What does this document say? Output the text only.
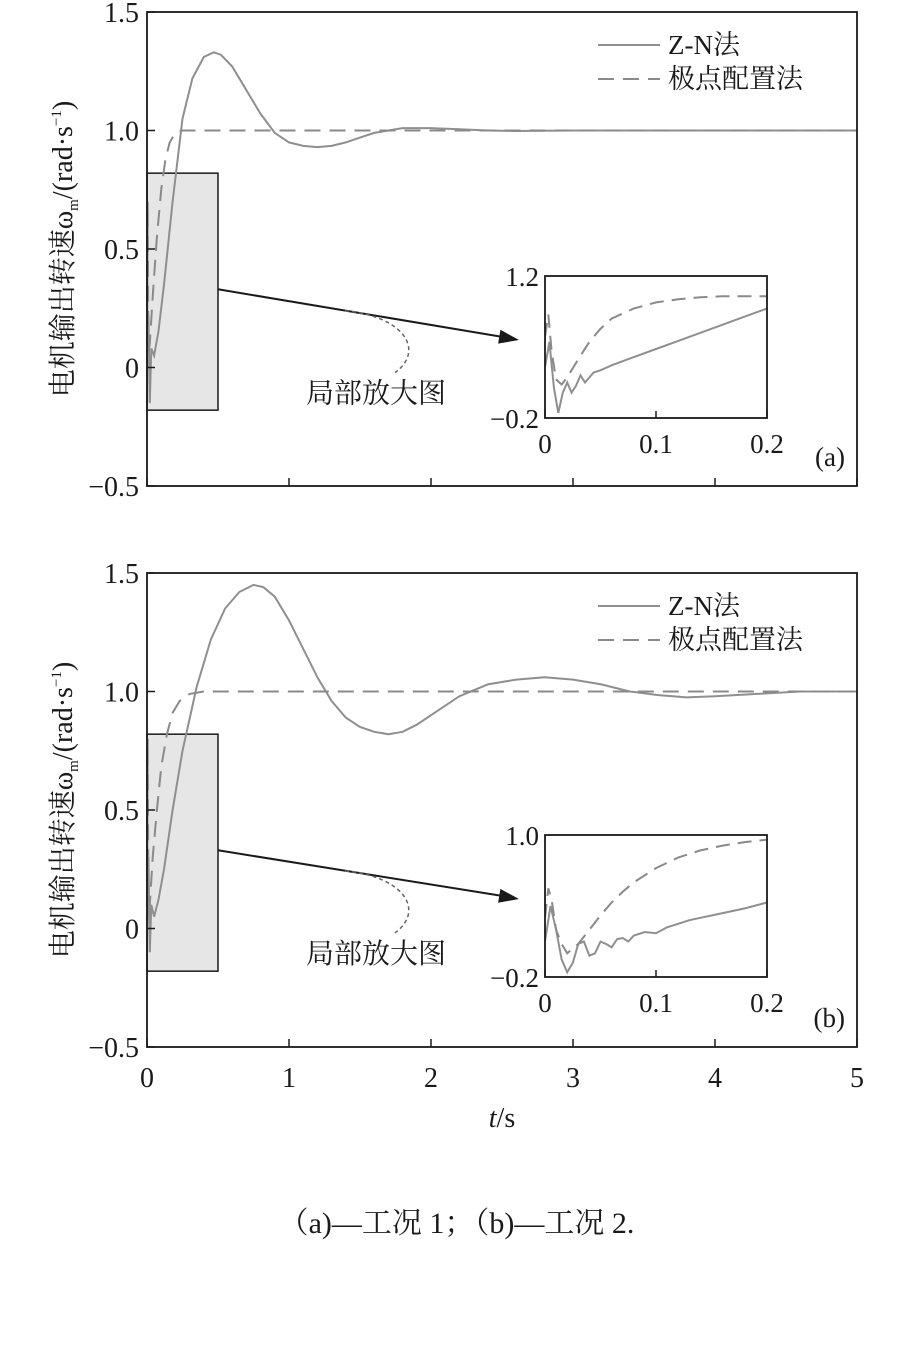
−0.5
0
0.5
1.0
1.5
电机输出转速$\omega_m/(rad\cdot s^{-1})$
Z-N法
极点配置法
(a)
局部放大图
0	0.1	0.2
−0.2
1.2
−0.5
0
0.5
1.0
1.5
0	1	2	3	4	5
t/s
电机输出转速$\omega_m/(rad\cdot s^{-1})$
Z-N法
极点配置法
(b)
局部放大图
0	0.1	0.2
−0.2
1.0
（a)—工况 1；（b)—工况 2.
